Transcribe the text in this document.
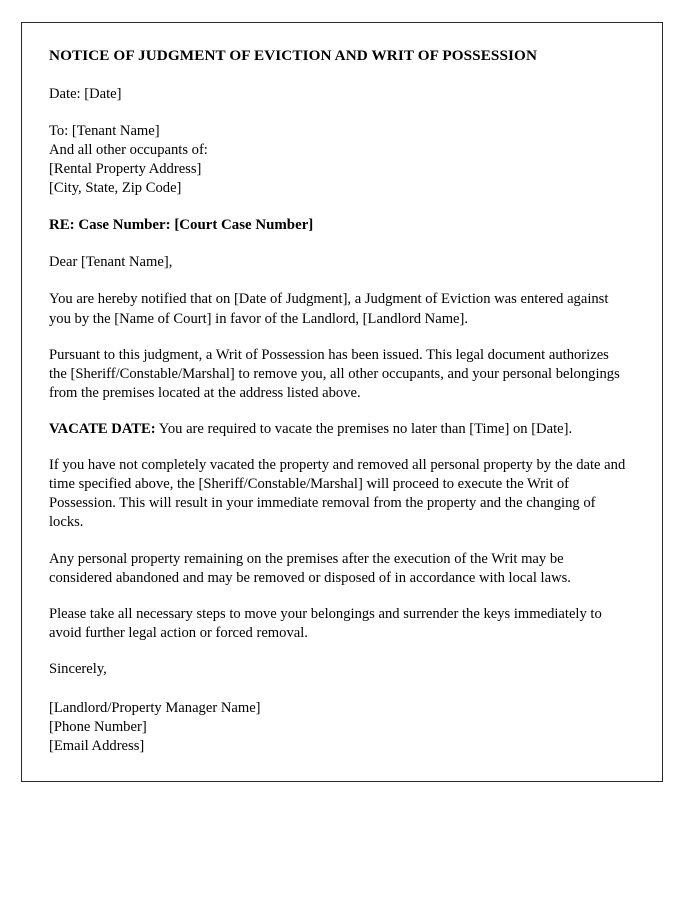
NOTICE OF JUDGMENT OF EVICTION AND WRIT OF POSSESSION
Date: [Date]
To: [Tenant Name]
And all other occupants of:
[Rental Property Address]
[City, State, Zip Code]
RE: Case Number: [Court Case Number]
Dear [Tenant Name],

You are hereby notified that on [Date of Judgment], a Judgment of Eviction was entered against you by the [Name of Court] in favor of the Landlord, [Landlord Name].

Pursuant to this judgment, a Writ of Possession has been issued. This legal document authorizes the [Sheriff/Constable/Marshal] to remove you, all other occupants, and your personal belongings from the premises located at the address listed above.

VACATE DATE: You are required to vacate the premises no later than [Time] on [Date].

If you have not completely vacated the property and removed all personal property by the date and time specified above, the [Sheriff/Constable/Marshal] will proceed to execute the Writ of Possession. This will result in your immediate removal from the property and the changing of locks.

Any personal property remaining on the premises after the execution of the Writ may be considered abandoned and may be removed or disposed of in accordance with local laws.

Please take all necessary steps to move your belongings and surrender the keys immediately to avoid further legal action or forced removal.

Sincerely,
[Landlord/Property Manager Name]
[Phone Number]
[Email Address]
